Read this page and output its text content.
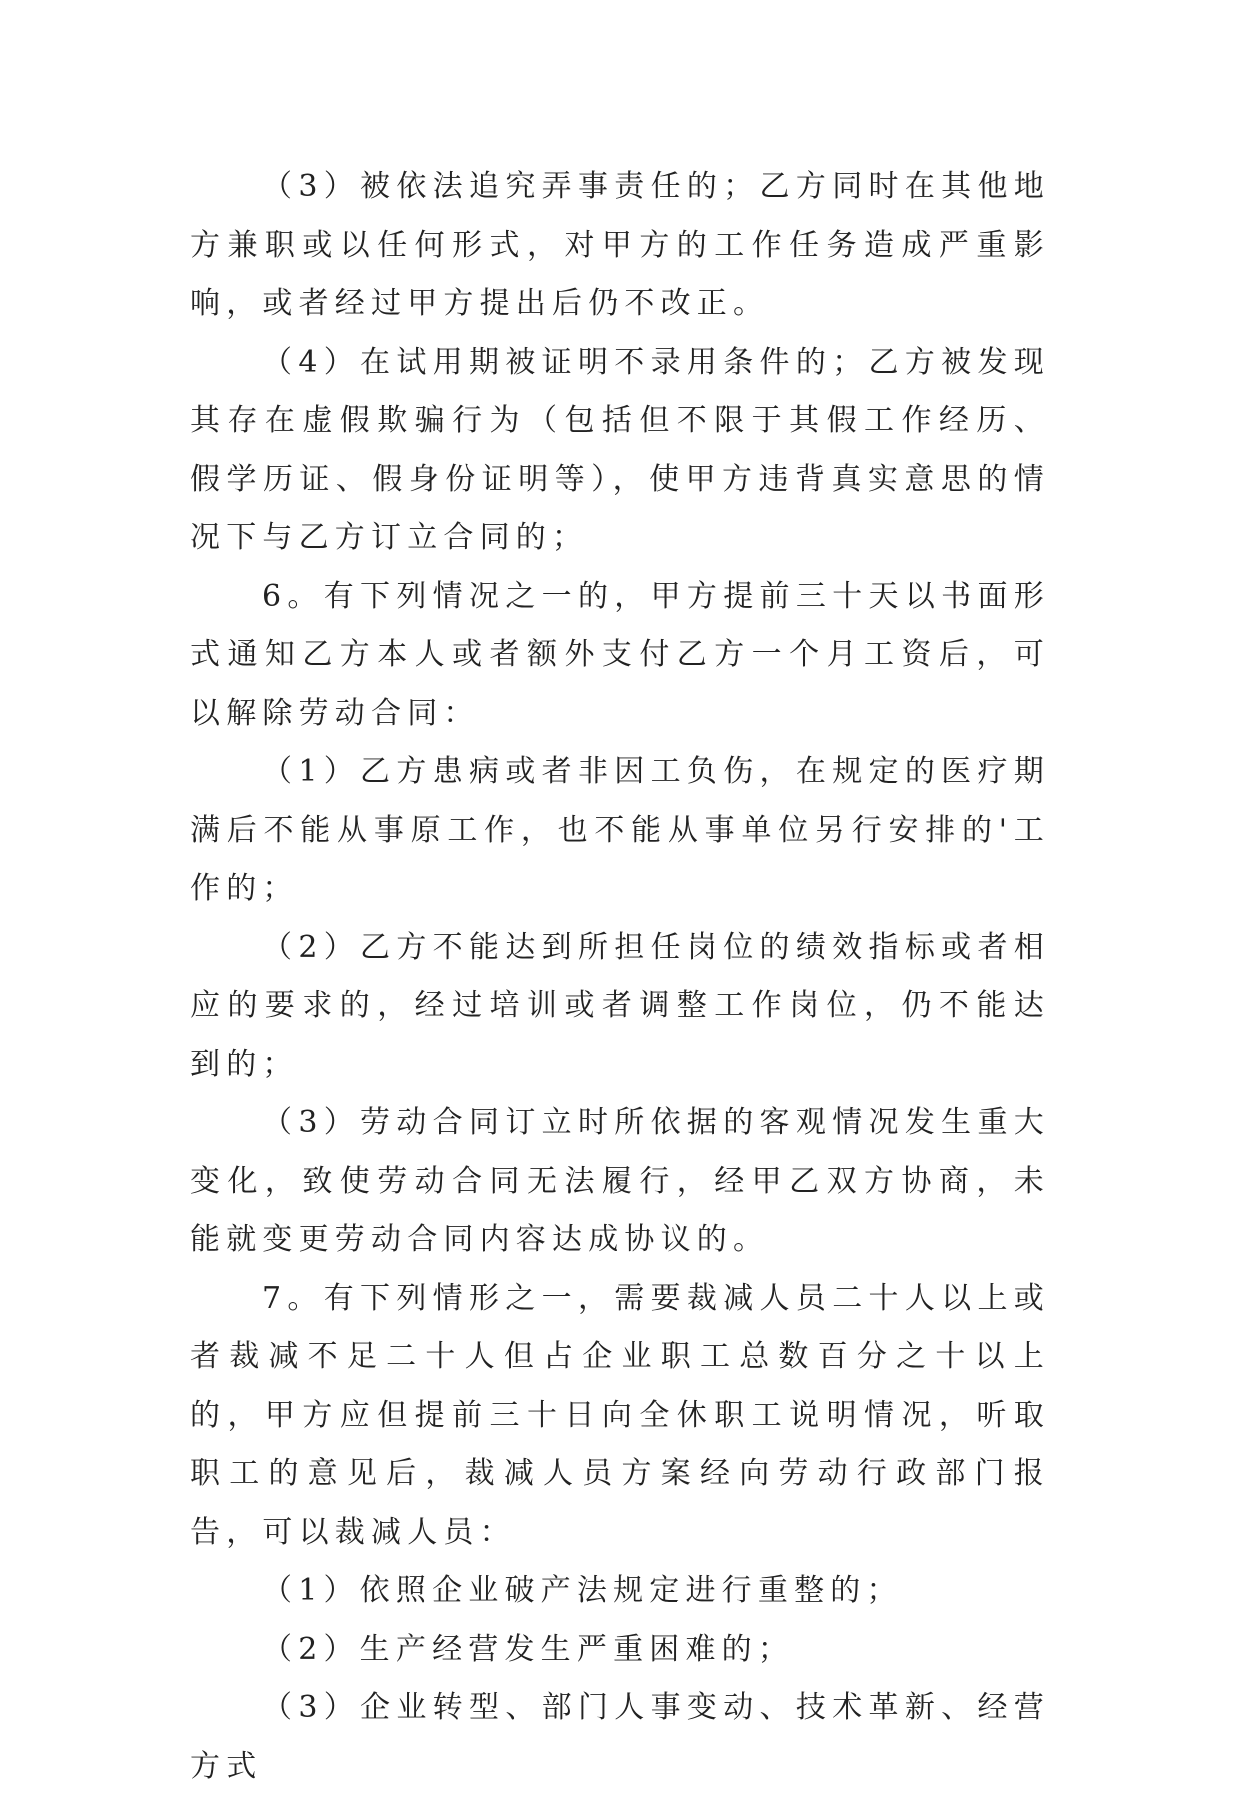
（3）被依法追究弄事责任的；乙方同时在其他地方兼职或以任何形式，对甲方的工作任务造成严重影响，或者经过甲方提出后仍不改正。

（4）在试用期被证明不录用条件的；乙方被发现其存在虚假欺骗行为（包括但不限于其假工作经历、假学历证、假身份证明等），使甲方违背真实意思的情况下与乙方订立合同的；

6。有下列情况之一的，甲方提前三十天以书面形式通知乙方本人或者额外支付乙方一个月工资后，可以解除劳动合同：

（1）乙方患病或者非因工负伤，在规定的医疗期满后不能从事原工作，也不能从事单位另行安排的'工作的；

（2）乙方不能达到所担任岗位的绩效指标或者相应的要求的，经过培训或者调整工作岗位，仍不能达到的；

（3）劳动合同订立时所依据的客观情况发生重大变化，致使劳动合同无法履行，经甲乙双方协商，未能就变更劳动合同内容达成协议的。

7。有下列情形之一，需要裁减人员二十人以上或者裁减不足二十人但占企业职工总数百分之十以上的，甲方应但提前三十日向全休职工说明情况，听取职工的意见后，裁减人员方案经向劳动行政部门报告，可以裁减人员：

（1）依照企业破产法规定进行重整的；

（2）生产经营发生严重困难的；

（3）企业转型、部门人事变动、技术革新、经营方式
